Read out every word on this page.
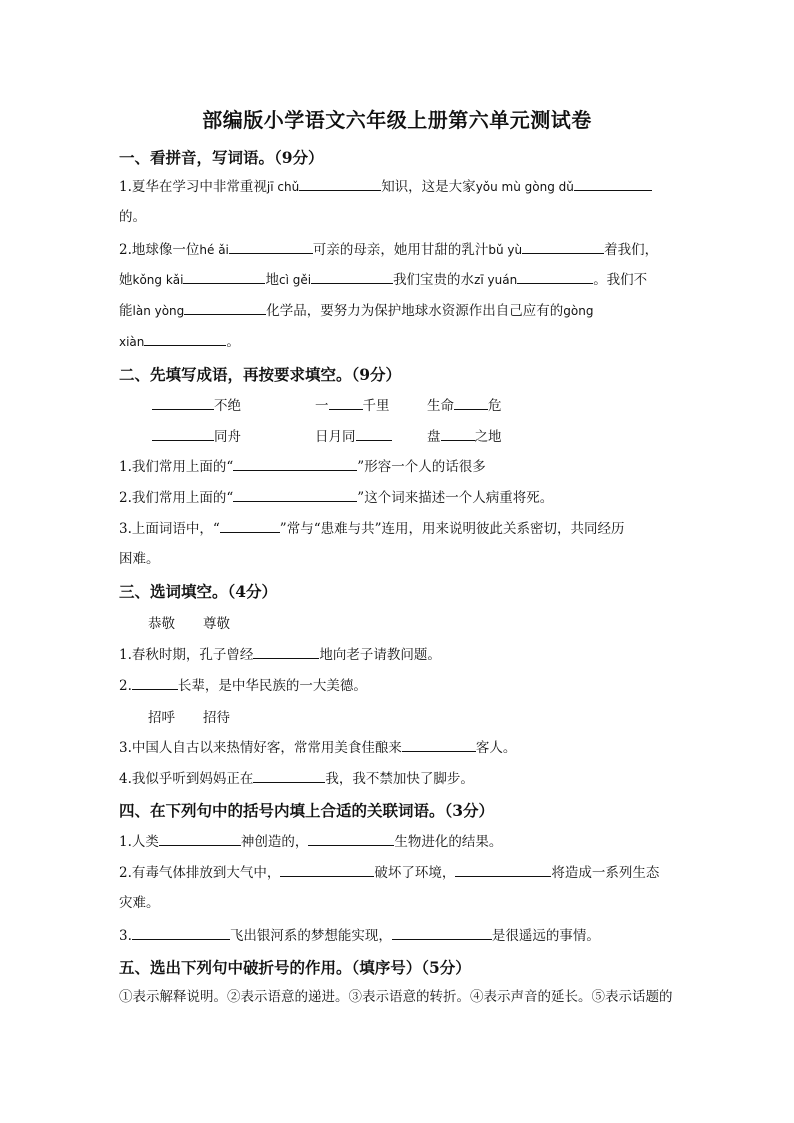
部编版小学语文六年级上册第六单元测试卷
一、看拼音，写词语。（9分）
1.夏华在学习中非常重视jī chǔ	知识，这是大家yǒu mù gòng dǔ
的。
2.地球像一位hé ǎi	可亲的母亲，她用甘甜的乳汁bǔ yù	着我们，
她kǒng kǎi	地cì gěi	我们宝贵的水zī yuán	。我们不
能làn yòng	化学品，要努力为保护地球水资源作出自己应有的gòng
xiàn	。
二、先填写成语，再按要求填空。（9分）
不绝	一	千里	生命	危
同舟	日月同	盘	之地
1.我们常用上面的“	”形容一个人的话很多
2.我们常用上面的“	”这个词来描述一个人病重将死。
3.上面词语中，“	”常与“患难与共”连用，用来说明彼此关系密切，共同经历
困难。
三、选词填空。（4分）
恭敬 尊敬
1.春秋时期，孔子曾经	地向老子请教问题。
2.	长辈，是中华民族的一大美德。
招呼 招待
3.中国人自古以来热情好客，常常用美食佳酿来	客人。
4.我似乎听到妈妈正在	我，我不禁加快了脚步。
四、在下列句中的括号内填上合适的关联词语。（3分）
1.人类	神创造的，	生物进化的结果。
2.有毒气体排放到大气中，	破坏了环境，	将造成一系列生态
灾难。
3.	飞出银河系的梦想能实现，	是很遥远的事情。
五、选出下列句中破折号的作用。（填序号）（5分）
①表示解释说明。②表示语意的递进。③表示语意的转折。④表示声音的延长。⑤表示话题的
